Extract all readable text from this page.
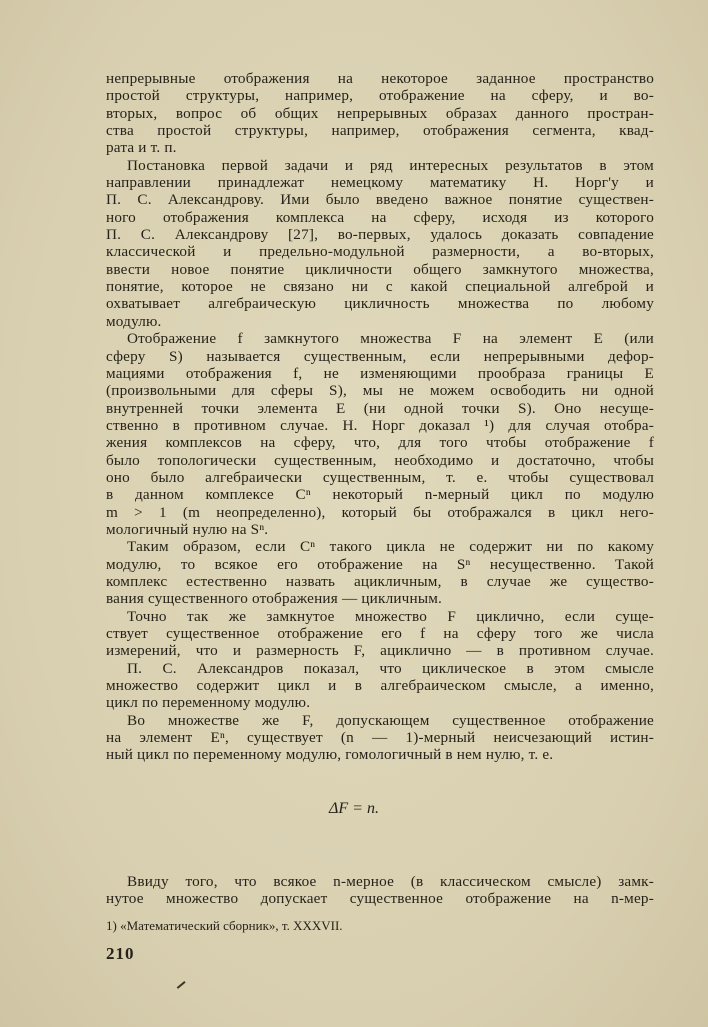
непрерывные отображения на некоторое заданное пространство
простой структуры, например, отображение на сферу, и во-
вторых, вопрос об общих непрерывных образах данного простран-
ства простой структуры, например, отображения сегмента, квад-
рата и т. п.
Постановка первой задачи и ряд интересных результатов в этом
направлении принадлежат немецкому математику Н. Норг'у и
П. С. Александрову. Ими было введено важное понятие существен-
ного отображения комплекса на сферу, исходя из которого
П. С. Александрову [27], во-первых, удалось доказать совпадение
классической и предельно-модульной размерности, а во-вторых,
ввести новое понятие цикличности общего замкнутого множества,
понятие, которое не связано ни с какой специальной алгеброй и
охватывает алгебраическую цикличность множества по любому
модулю.
Отображение f замкнутого множества F на элемент E (или
сферу S) называется существенным, если непрерывными дефор-
мациями отображения f, не изменяющими прообраза границы E
(произвольными для сферы S), мы не можем освободить ни одной
внутренней точки элемента E (ни одной точки S). Оно несуще-
ственно в противном случае. Н. Норг доказал ¹) для случая отобра-
жения комплексов на сферу, что, для того чтобы отображение f
было топологически существенным, необходимо и достаточно, чтобы
оно было алгебраически существенным, т. е. чтобы существовал
в данном комплексе Cⁿ некоторый n-мерный цикл по модулю
m > 1 (m неопределенно), который бы отображался в цикл него-
мологичный нулю на Sⁿ.
Таким образом, если Cⁿ такого цикла не содержит ни по какому
модулю, то всякое его отображение на Sⁿ несущественно. Такой
комплекс естественно назвать ацикличным, в случае же существо-
вания существенного отображения — цикличным.
Точно так же замкнутое множество F циклично, если суще-
ствует существенное отображение его f на сферу того же числа
измерений, что и размерность F, ациклично — в противном случае.
П. С. Александров показал, что циклическое в этом смысле
множество содержит цикл и в алгебраическом смысле, а именно,
цикл по переменному модулю.
Во множестве же F, допускающем существенное отображение
на элемент Eⁿ, существует (n — 1)-мерный неисчезающий истин-
ный цикл по переменному модулю, гомологичный в нем нулю, т. е.
ΔF = n.
Ввиду того, что всякое n-мерное (в классическом смысле) замк-
нутое множество допускает существенное отображение на n-мер-
1) «Математический сборник», т. XXXVII.
210
